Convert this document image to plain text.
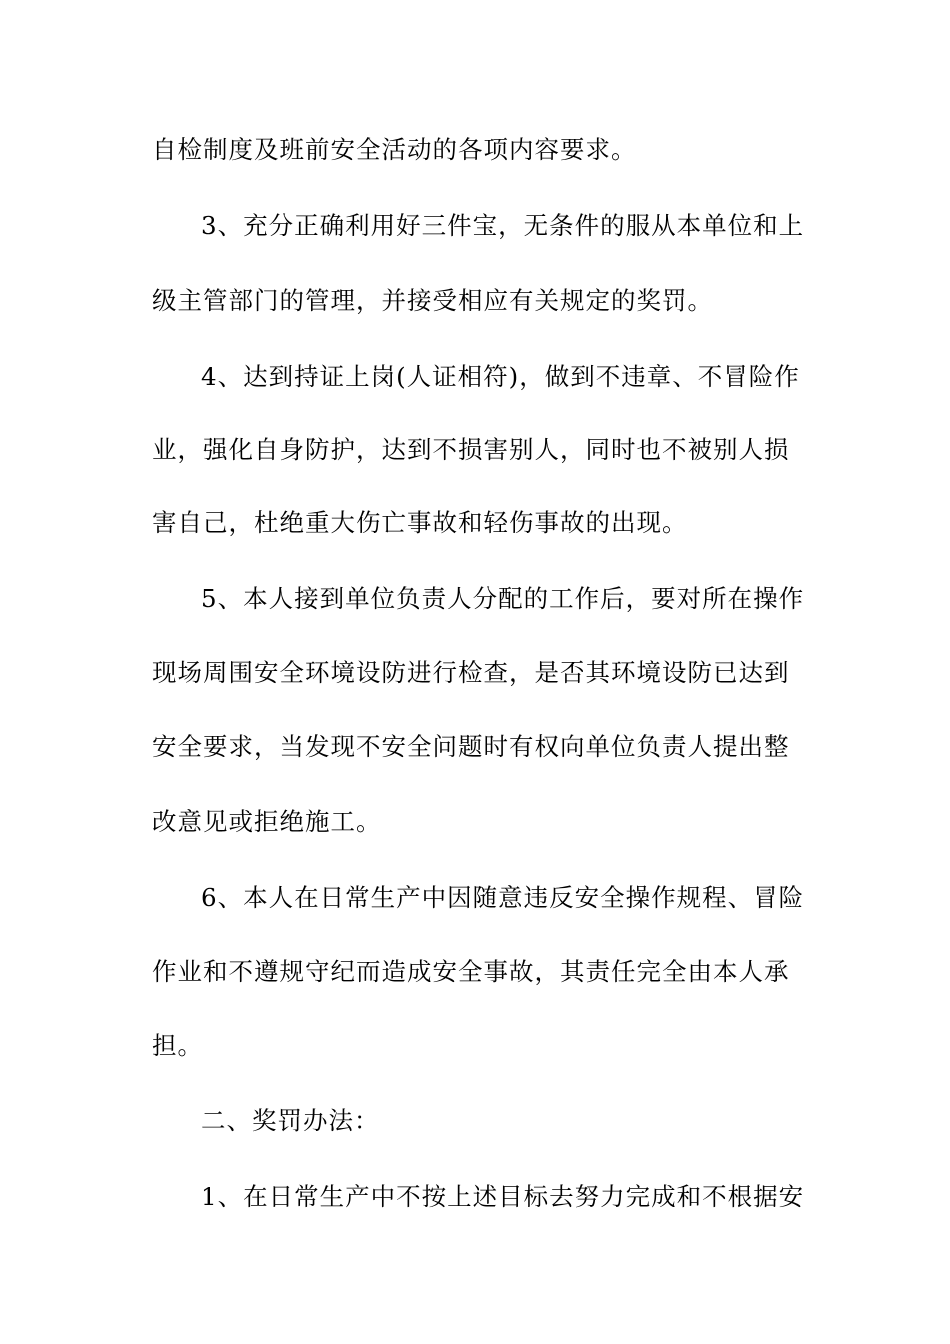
自检制度及班前安全活动的各项内容要求。
3、充分正确利用好三件宝，无条件的服从本单位和上
级主管部门的管理，并接受相应有关规定的奖罚。
4、达到持证上岗(人证相符)，做到不违章、不冒险作
业，强化自身防护，达到不损害别人，同时也不被别人损
害自己，杜绝重大伤亡事故和轻伤事故的出现。
5、本人接到单位负责人分配的工作后，要对所在操作
现场周围安全环境设防进行检查，是否其环境设防已达到
安全要求，当发现不安全问题时有权向单位负责人提出整
改意见或拒绝施工。
6、本人在日常生产中因随意违反安全操作规程、冒险
作业和不遵规守纪而造成安全事故，其责任完全由本人承
担。
二、奖罚办法：
1、在日常生产中不按上述目标去努力完成和不根据安
